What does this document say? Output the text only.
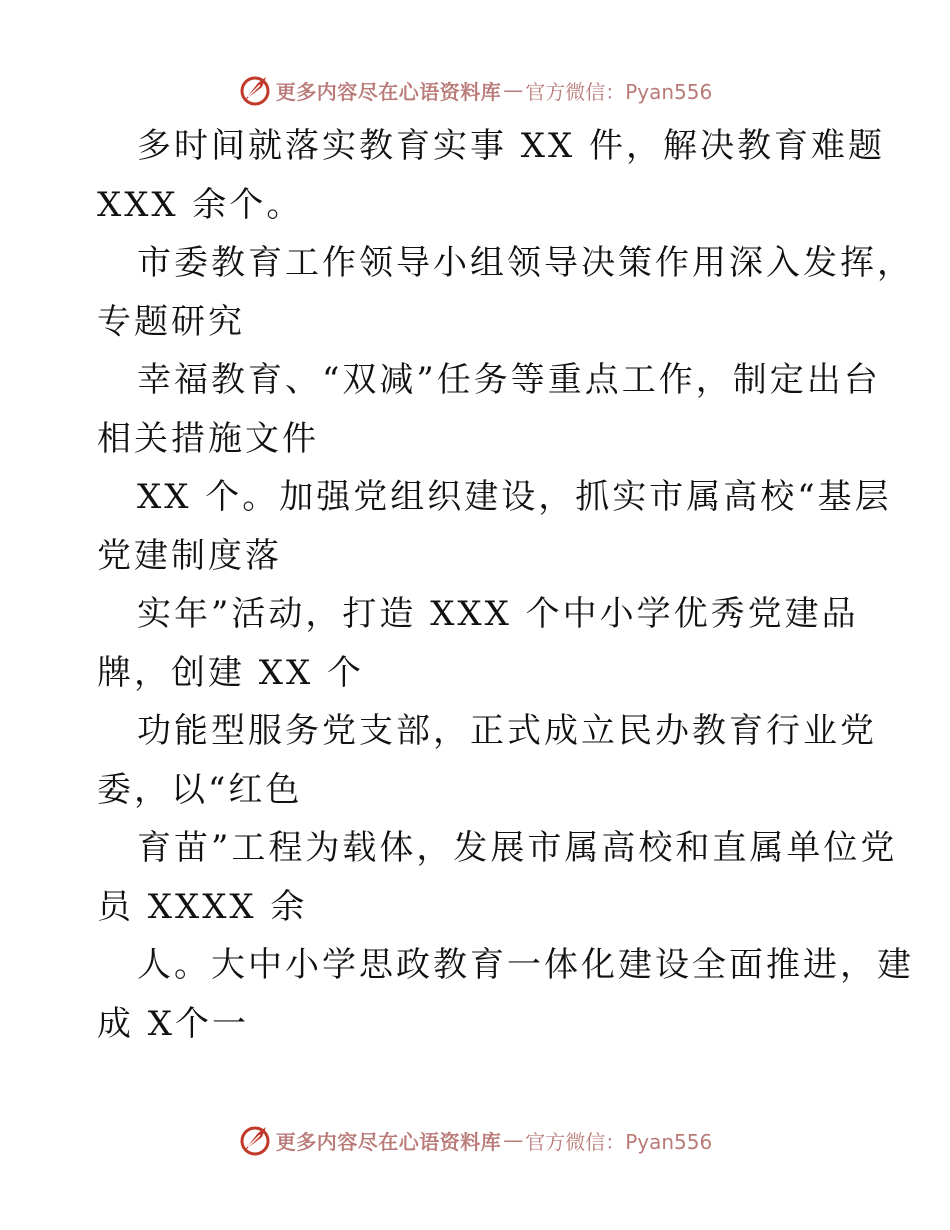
更多内容尽在心语资料库 — 官方微信：Pyan556
多时间就落实教育实事 XX 件，解决教育难题
XXX 余个。
市委教育工作领导小组领导决策作用深入发挥，
专题研究
幸福教育、“双减”任务等重点工作，制定出台
相关措施文件
XX 个。加强党组织建设，抓实市属高校“基层
党建制度落
实年”活动，打造 XXX 个中小学优秀党建品
牌，创建 XX 个
功能型服务党支部，正式成立民办教育行业党
委，以“红色
育苗”工程为载体，发展市属高校和直属单位党
员 XXXX 余
人。大中小学思政教育一体化建设全面推进，建
成 X个一
更多内容尽在心语资料库 — 官方微信：Pyan556
